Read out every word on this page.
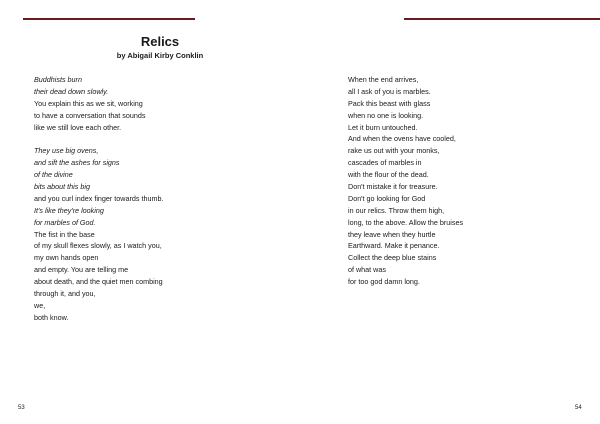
Relics
by Abigail Kirby Conklin
Buddhists burn
their dead down slowly.
You explain this as we sit, working
to have a conversation that sounds
like we still love each other.
They use big ovens,
and sift the ashes for signs
of the divine
bits about this big
and you curl index finger towards thumb.
It's like they're looking
for marbles of God.
The fist in the base
of my skull flexes slowly, as I watch you,
my own hands open
and empty. You are telling me
about death, and the quiet men combing
through it, and you,
we,
both know.
When the end arrives,
all I ask of you is marbles.
Pack this beast with glass
when no one is looking.
Let it burn untouched.
And when the ovens have cooled,
rake us out with your monks,
cascades of marbles in
with the flour of the dead.
Don't mistake it for treasure.
Don't go looking for God
in our relics. Throw them high,
long, to the above. Allow the bruises
they leave when they hurtle
Earthward. Make it penance.
Collect the deep blue stains
of what was
for too god damn long.
53	54
